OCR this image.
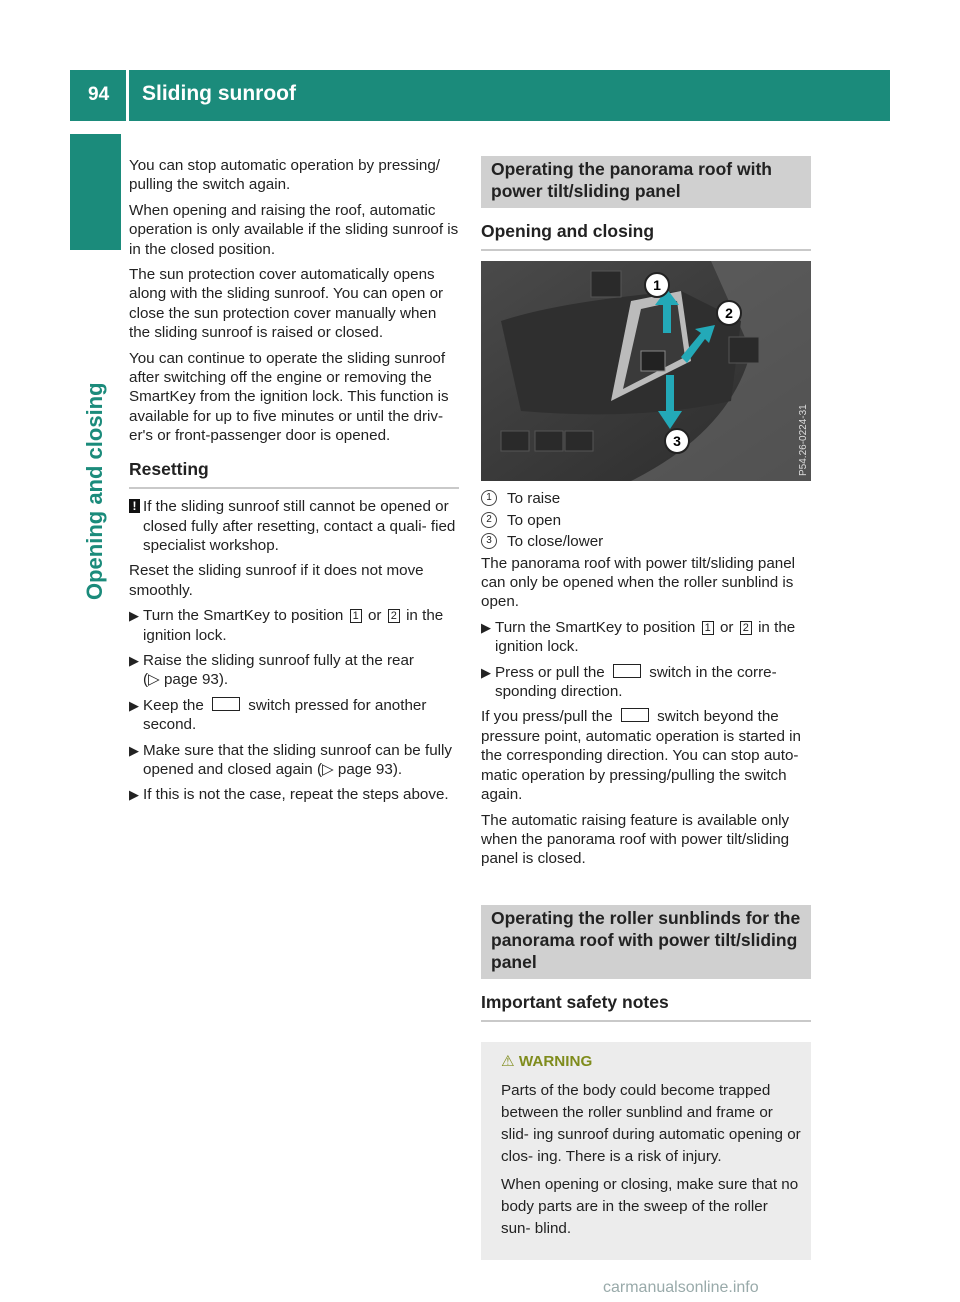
94 Sliding sunroof
Opening and closing

You can stop automatic operation by pressing/ pulling the switch again.

When opening and raising the roof, automatic operation is only available if the sliding sunroof is in the closed position.

The sun protection cover automatically opens along with the sliding sunroof. You can open or close the sun protection cover manually when the sliding sunroof is raised or closed.

You can continue to operate the sliding sunroof after switching off the engine or removing the SmartKey from the ignition lock. This function is available for up to five minutes or until the driv- er's or front-passenger door is opened.

Resetting
! If the sliding sunroof still cannot be opened or closed fully after resetting, contact a quali- fied specialist workshop.

Reset the sliding sunroof if it does not move smoothly.

▶ Turn the SmartKey to position 1 or 2 in the ignition lock.
▶ Raise the sliding sunroof fully at the rear
(▷ page 93).
▶ Keep the	switch pressed for another second.
▶ Make sure that the sliding sunroof can be fully opened and closed again (▷ page 93).
▶ If this is not the case, repeat the steps above.
Operating the panorama roof with power tilt/sliding panel
Opening and closing
1
2
3	P54.26-0224-31
1	To raise
2	To open
3	To close/lower

The panorama roof with power tilt/sliding panel can only be opened when the roller sunblind is open.

▶ Turn the SmartKey to position 1 or 2 in the ignition lock.
▶ Press or pull the	switch in the corre- sponding direction.

If you press/pull the	switch beyond the pressure point, automatic operation is started in the corresponding direction. You can stop auto- matic operation by pressing/pulling the switch again.

The automatic raising feature is available only when the panorama roof with power tilt/sliding panel is closed.

Operating the roller sunblinds for the panorama roof with power tilt/sliding panel
Important safety notes
⚠ WARNING

Parts of the body could become trapped between the roller sunblind and frame or slid- ing sunroof during automatic opening or clos- ing. There is a risk of injury.

When opening or closing, make sure that no body parts are in the sweep of the roller sun- blind.

carmanualsonline.info
